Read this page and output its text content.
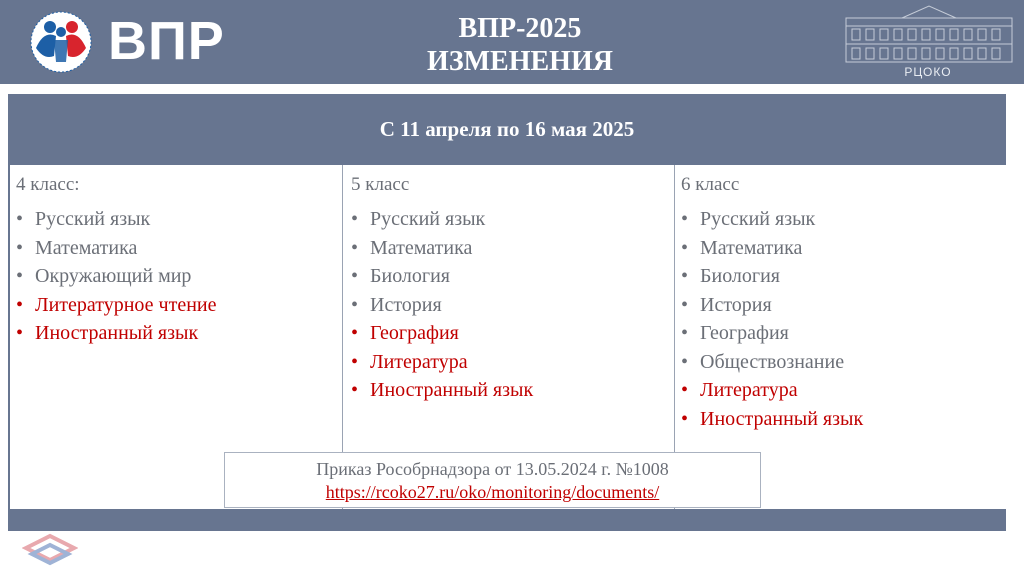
ВПР	ВПР-2025
ИЗМЕНЕНИЯ	РЦОКО
С 11 апреля по 16 мая 2025
4 класс:
• Русский язык
• Математика
• Окружающий мир
• Литературное чтение
• Иностранный язык
5 класс
• Русский язык
• Математика
• Биология
• История
• География
• Литература
• Иностранный язык
6 класс
• Русский язык
• Математика
• Биология
• История
• География
• Обществознание
• Литература
• Иностранный язык
Приказ Рособрнадзора от 13.05.2024 г. №1008
https://rcoko27.ru/oko/monitoring/documents/
